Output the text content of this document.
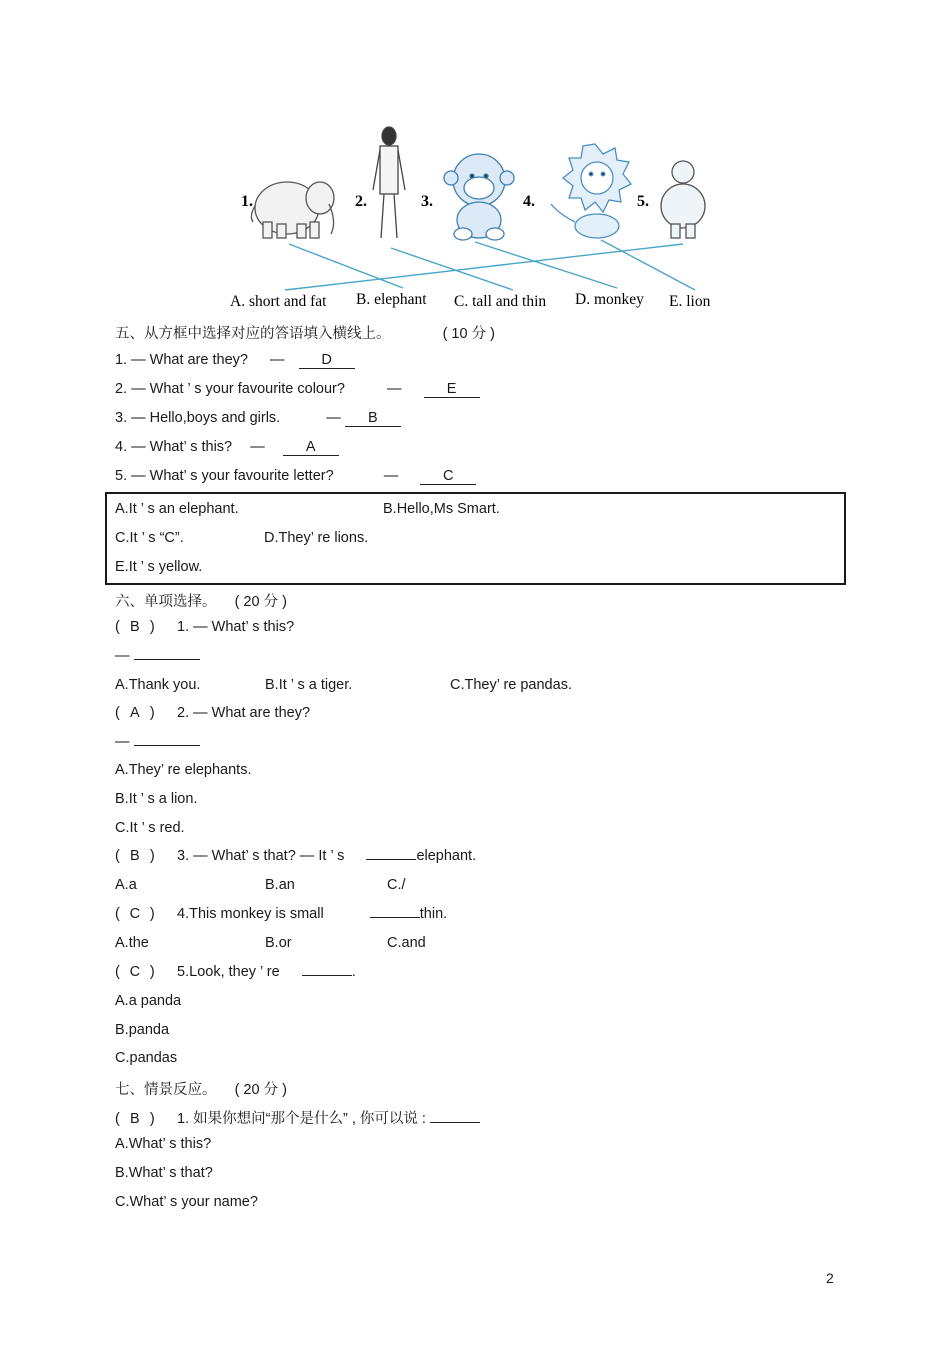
1.	2.	3.	4.	5.
A. short and fat B. elephant C. tall and thin D. monkey E. lion
五、从方框中选择对应的答语填入横线上。	( 10 分 )
1. — What are they? —	D
2. — What ’ s your favourite colour?	—	E
3. — Hello,boys and girls.	— B
4. — What’ s this? —	A
5. — What’ s your favourite letter?	—	C
A.It ’ s an elephant.	B.Hello,Ms Smart.
C.It ’ s “C”.	D.They’ re lions.
E.It ’ s yellow.
六、单项选择。 ( 20 分 )
( B ) 1. — What’ s this?
—
A.Thank you.	B.It ’ s a tiger.	C.They’ re pandas.
( A ) 2. — What are they?
—
A.They’ re elephants.
B.It ’ s a lion.
C.It ’ s red.
( B ) 3. — What’ s that? — It ’ s	elephant.
A.a	B.an	C./
( C ) 4.This monkey is small	thin.
A.the	B.or	C.and
( C ) 5.Look, they ’ re	.
A.a panda
B.panda
C.pandas
七、情景反应。 ( 20 分 )
( B ) 1. 如果你想问“那个是什么” , 你可以说 :
A.What’ s this?
B.What’ s that?
C.What’ s your name?
2
